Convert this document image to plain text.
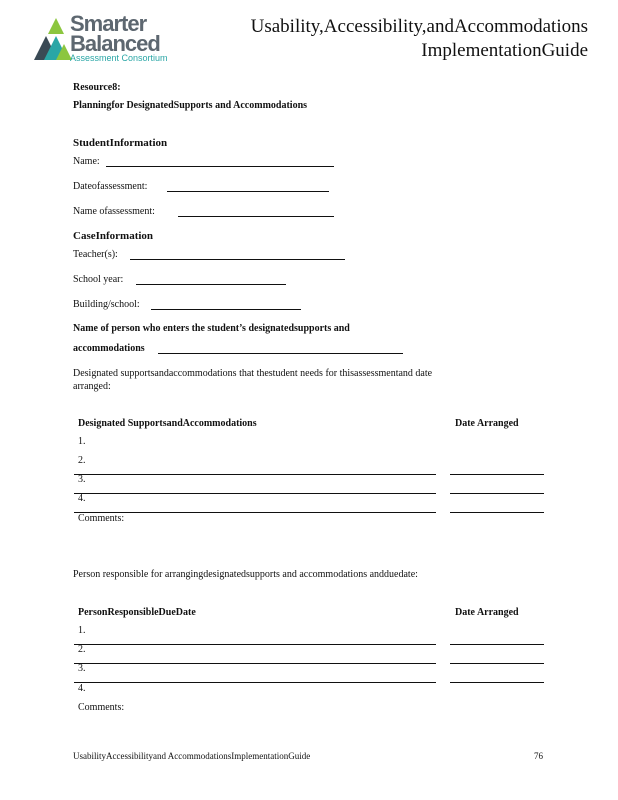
Smarter
Balanced
Assessment Consortium
Usability,Accessibility,andAccommodations
ImplementationGuide
Resource8:
Planningfor DesignatedSupports and Accommodations
StudentInformation
Name:
Dateofassessment:
Name ofassessment:
CaseInformation
Teacher(s):
School year:
Building/school:
Name of person who enters the student’s designatedsupports and
accommodations
Designated supportsandaccommodations that thestudent needs for thisassessmentand date
arranged:
Designated SupportsandAccommodations	Date Arranged
1.
2.
3.
4.
Comments:
Person responsible for arrangingdesignatedsupports and accommodations andduedate:
PersonResponsibleDueDate	Date Arranged
1.
2.
3.
4.
Comments:
UsabilityAccessibilityand AccommodationsImplementationGuide	76
